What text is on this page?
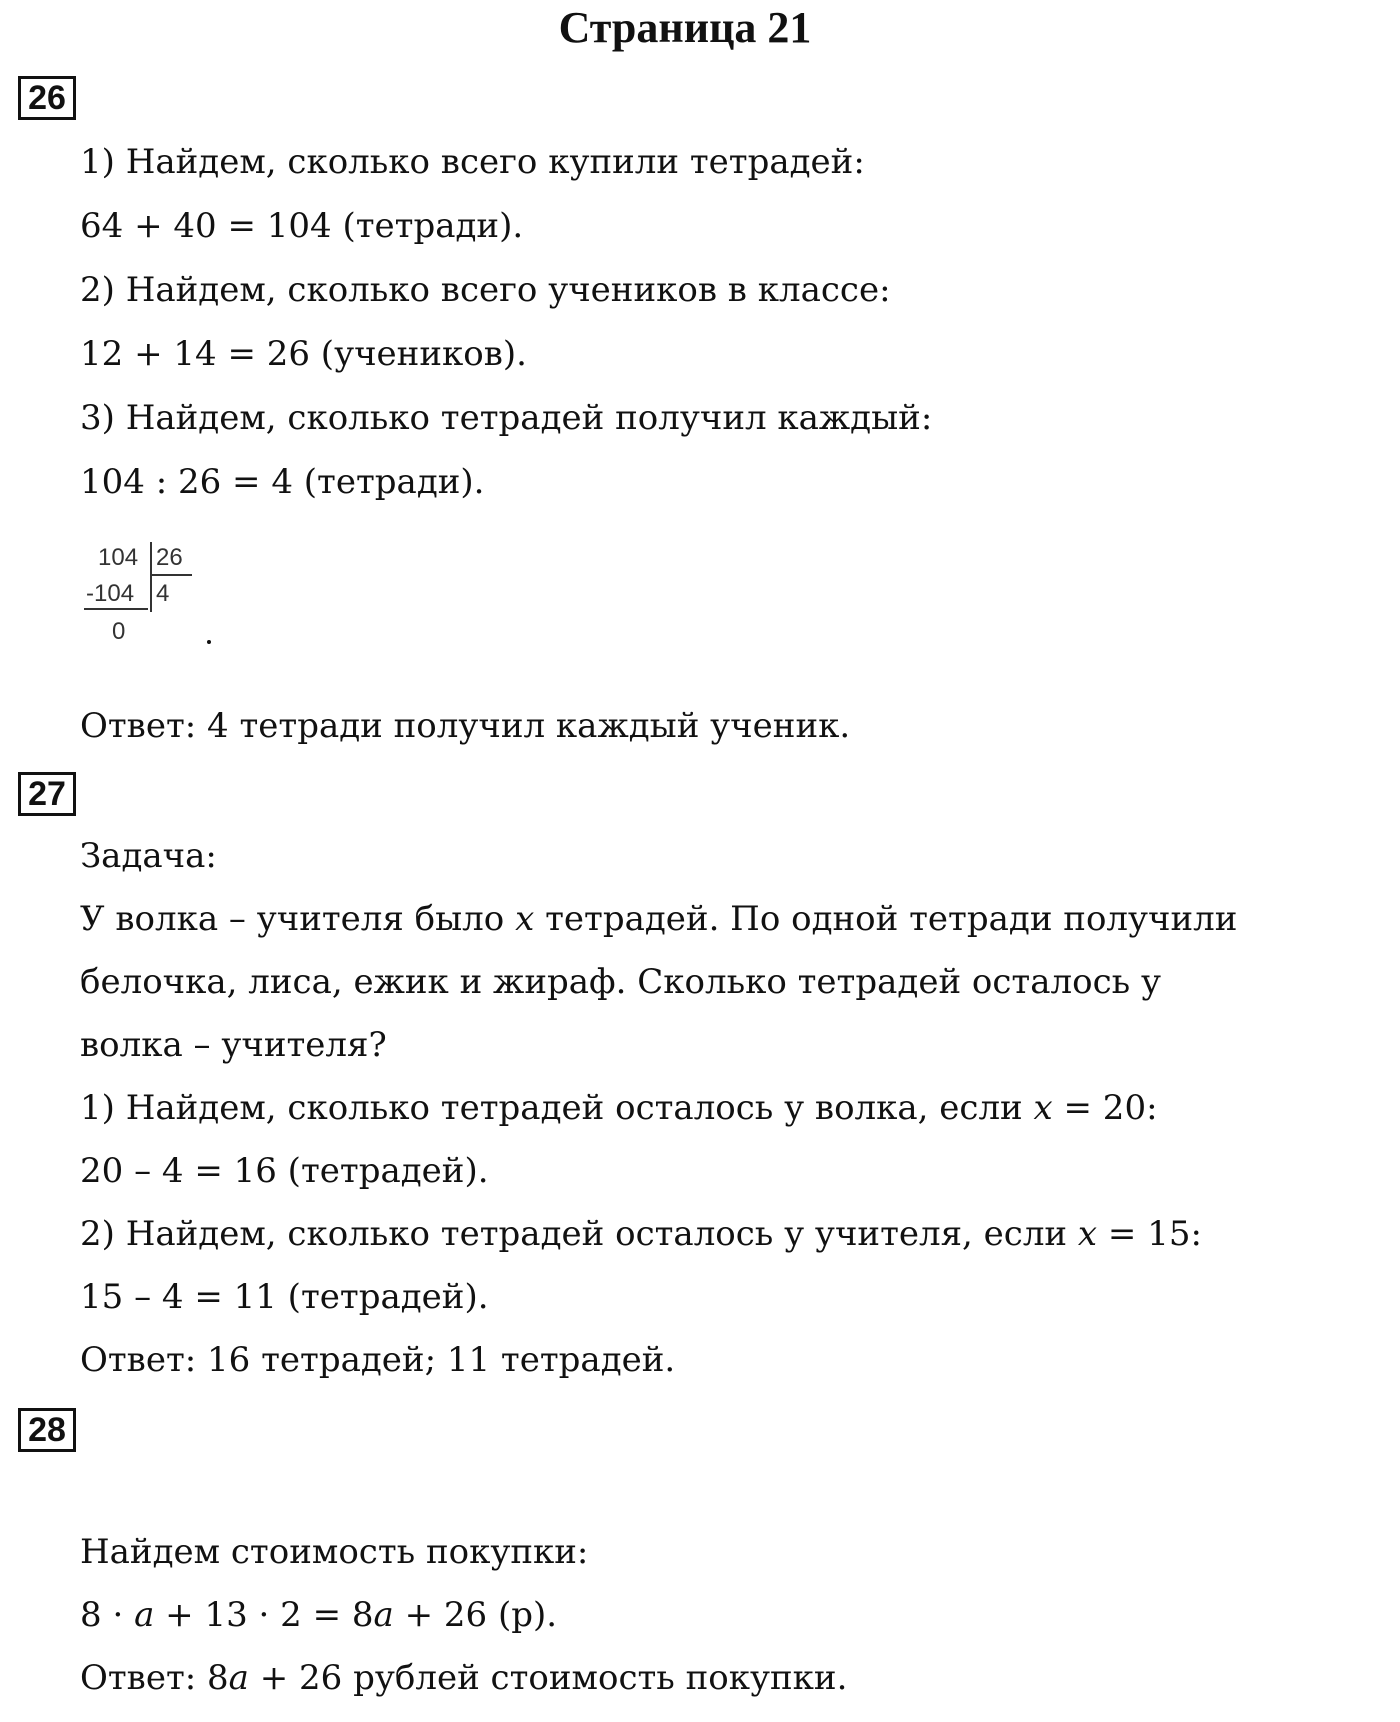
Страница 21
26
1) Найдем, сколько всего купили тетрадей:
64 + 40 = 104 (тетради).
2) Найдем, сколько всего учеников в классе:
12 + 14 = 26 (учеников).
3) Найдем, сколько тетрадей получил каждый:
104 : 26 = 4 (тетради).
104 26
-104 4
0
Ответ: 4 тетради получил каждый ученик.
27
Задача:
У волка – учителя было x тетрадей. По одной тетради получили
белочка, лиса, ежик и жираф. Сколько тетрадей осталось у
волка – учителя?
1) Найдем, сколько тетрадей осталось у волка, если x = 20:
20 – 4 = 16 (тетрадей).
2) Найдем, сколько тетрадей осталось у учителя, если x = 15:
15 – 4 = 11 (тетрадей).
Ответ: 16 тетрадей; 11 тетрадей.
28
Найдем стоимость покупки:
8 · a + 13 · 2 = 8a + 26 (р).
Ответ: 8a + 26 рублей стоимость покупки.
